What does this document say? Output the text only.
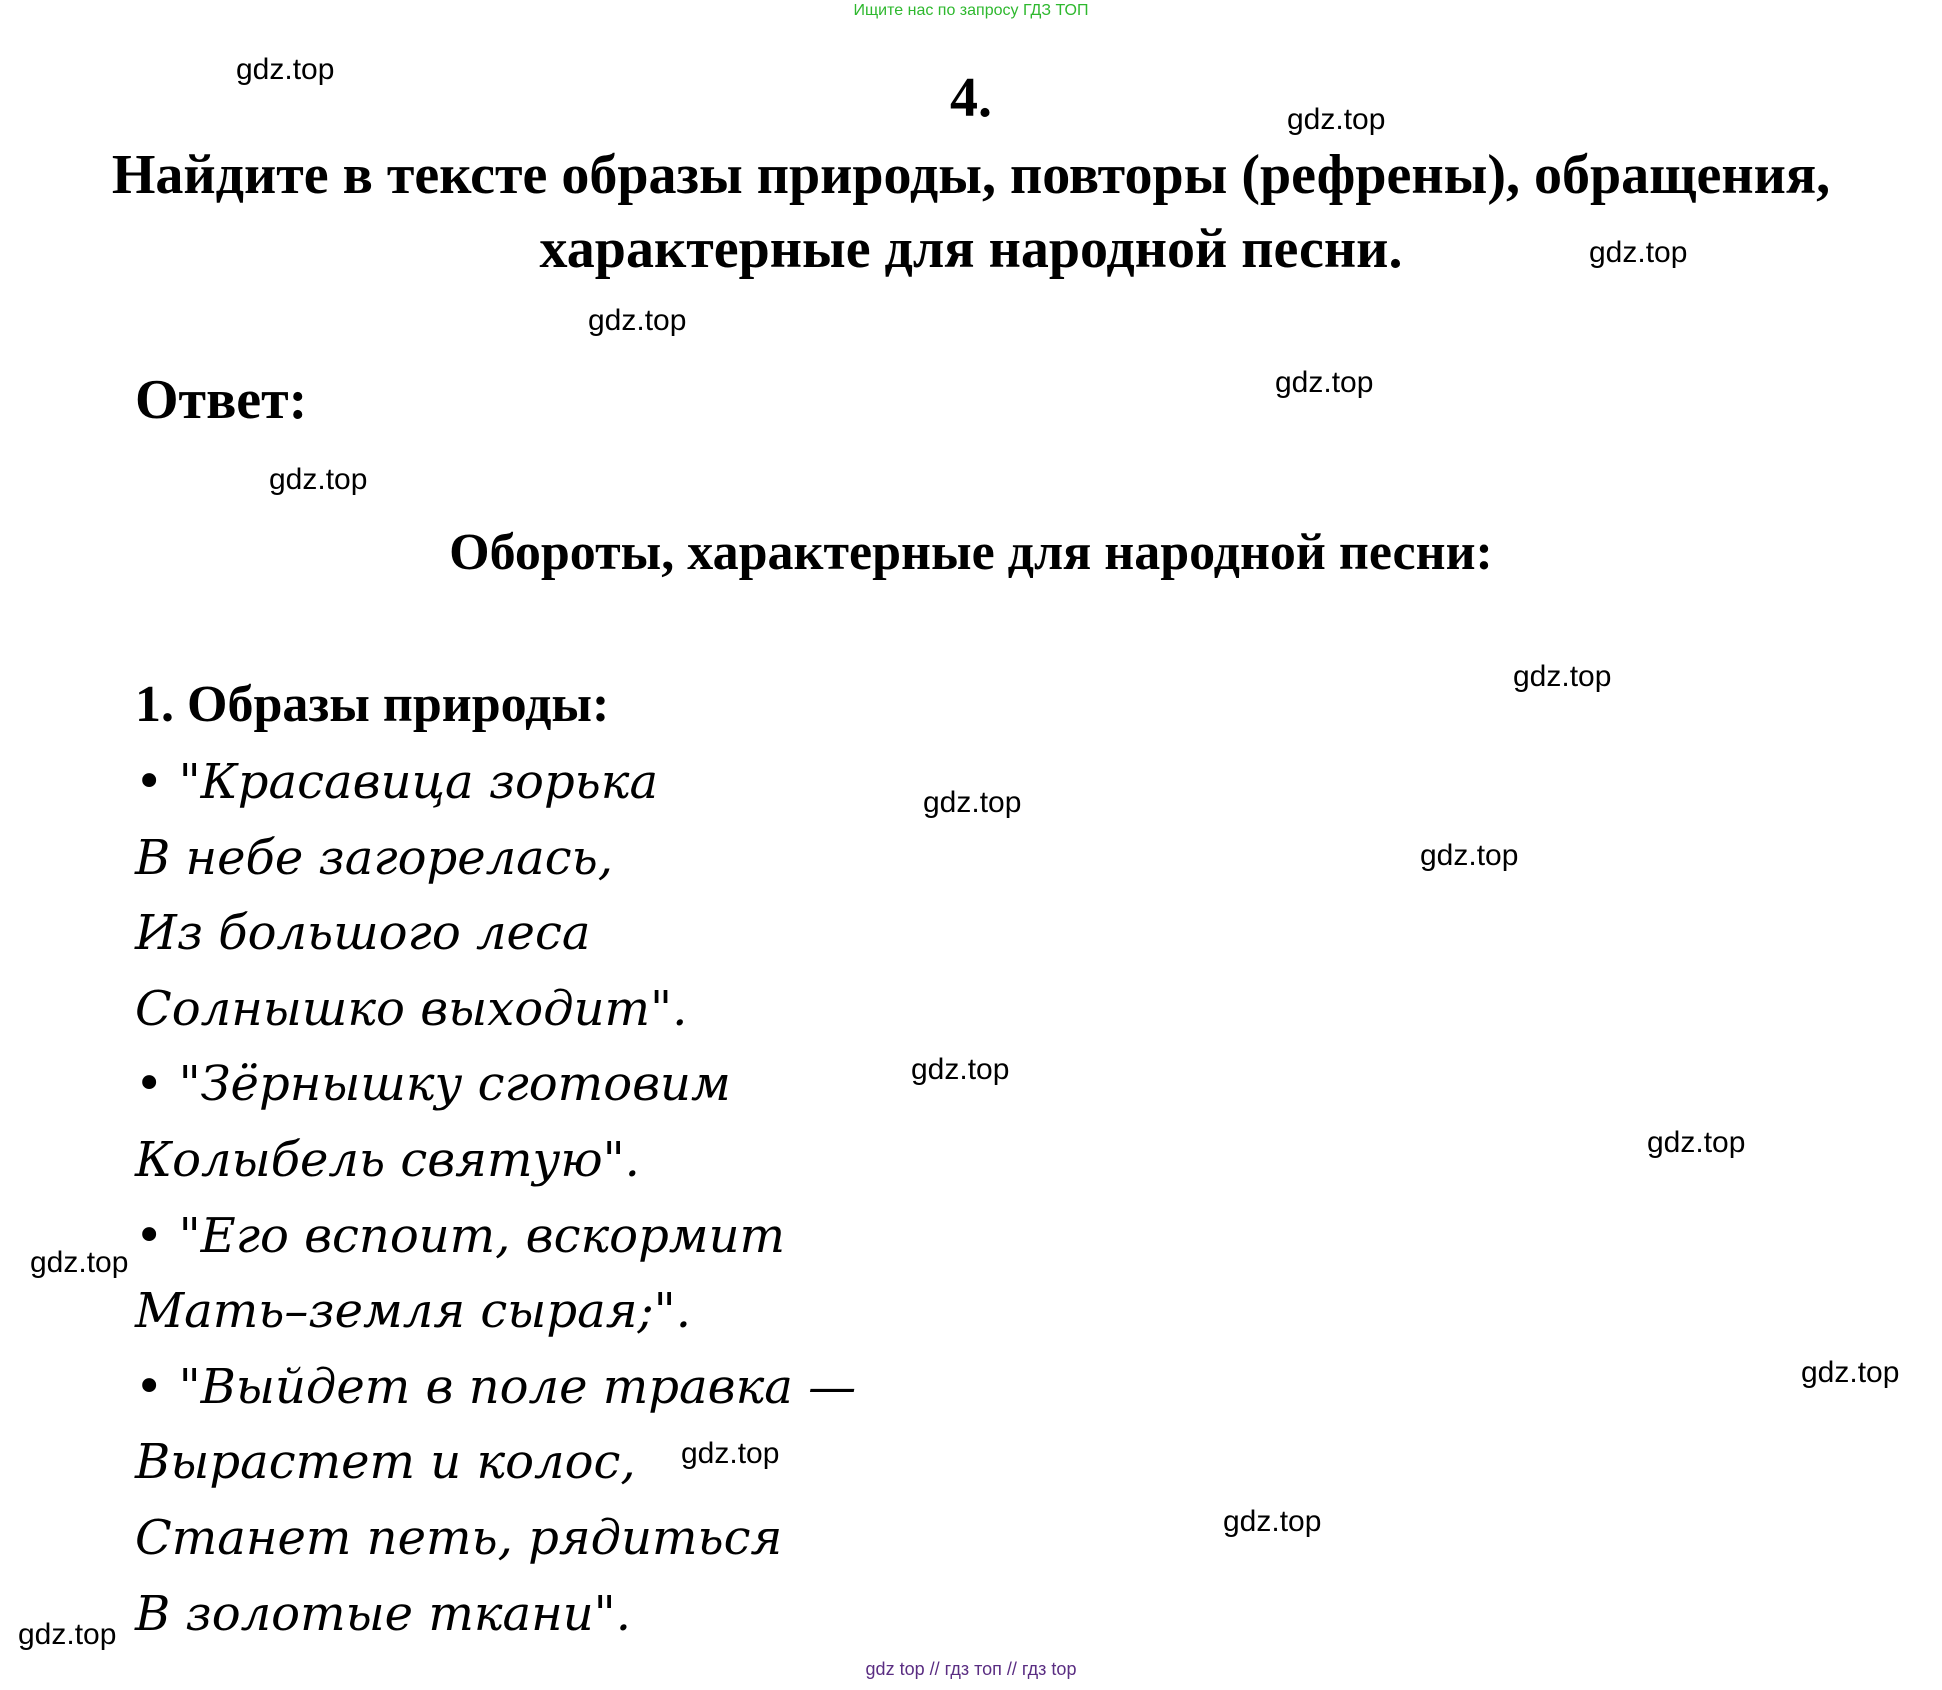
Ищите нас по запросу ГДЗ ТОП
4.
Найдите в тексте образы природы, повторы (рефрены), обращения,
характерные для народной песни.
Ответ:
Обороты, характерные для народной песни:
1. Образы природы:
• "Красавица зорька
В небе загорелась,
Из большого леса
Солнышко выходит".
• "Зёрнышку сготовим
Колыбель святую".
• "Его вспоит, вскормит
Мать–земля сырая;".
• "Выйдет в поле травка —
Вырастет и колос,
Станет петь, рядиться
В золотые ткани".
gdz.top
gdz.top
gdz.top
gdz.top
gdz.top
gdz.top
gdz.top
gdz.top
gdz.top
gdz.top
gdz.top
gdz.top
gdz.top
gdz.top
gdz.top
gdz.top
gdz top // гдз топ // гдз top
